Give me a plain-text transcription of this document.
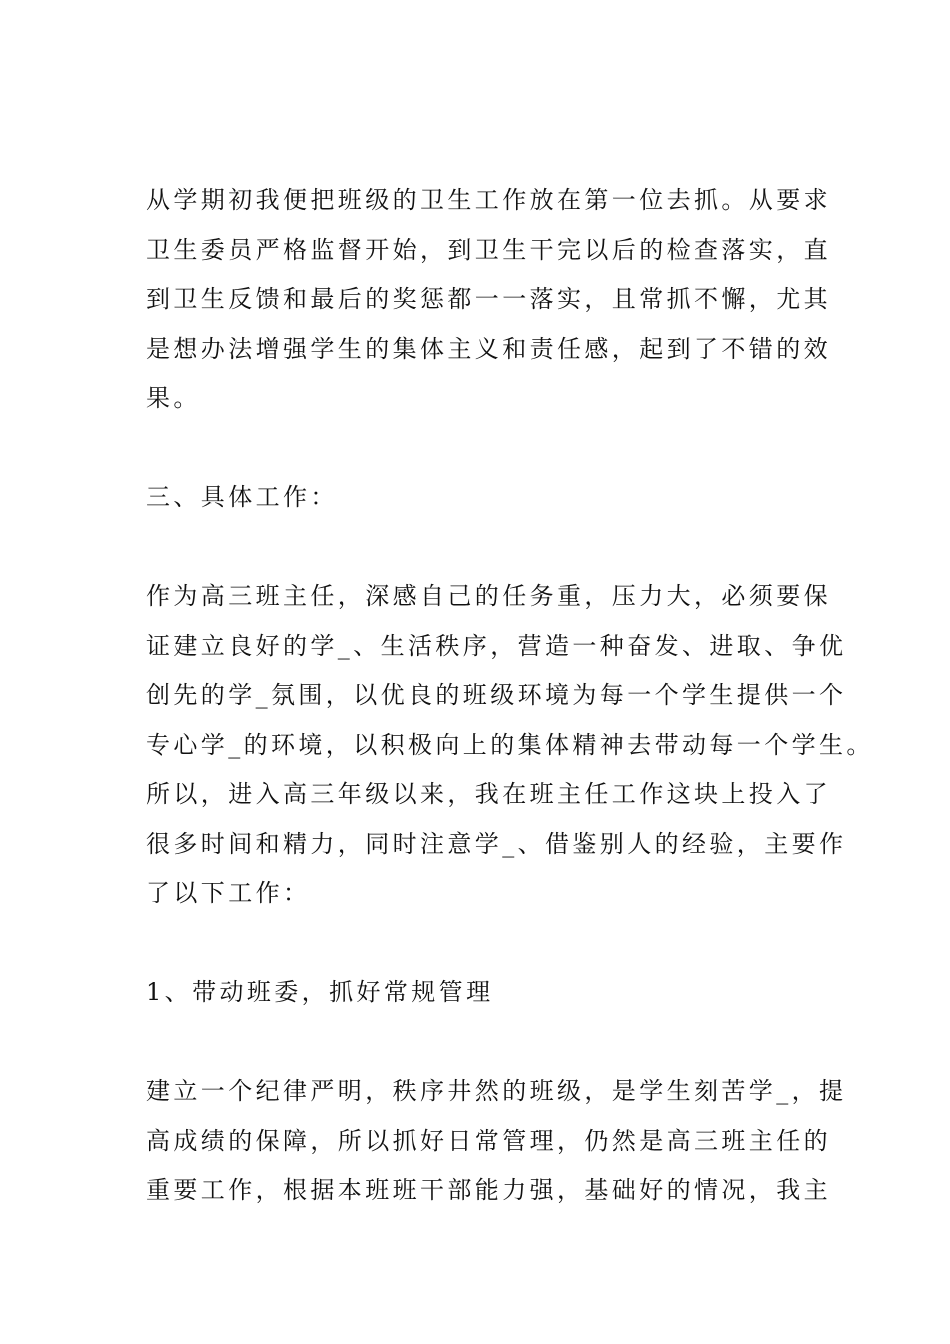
从学期初我便把班级的卫生工作放在第一位去抓。从要求
卫生委员严格监督开始，到卫生干完以后的检查落实，直
到卫生反馈和最后的奖惩都一一落实，且常抓不懈，尤其
是想办法增强学生的集体主义和责任感，起到了不错的效
果。
三、具体工作：
作为高三班主任，深感自己的任务重，压力大，必须要保
证建立良好的学_、生活秩序，营造一种奋发、进取、争优
创先的学_氛围，以优良的班级环境为每一个学生提供一个
专心学_的环境，以积极向上的集体精神去带动每一个学生。
所以，进入高三年级以来，我在班主任工作这块上投入了
很多时间和精力，同时注意学_、借鉴别人的经验，主要作
了以下工作：
1、带动班委，抓好常规管理
建立一个纪律严明，秩序井然的班级，是学生刻苦学_，提
高成绩的保障，所以抓好日常管理，仍然是高三班主任的
重要工作，根据本班班干部能力强，基础好的情况，我主
